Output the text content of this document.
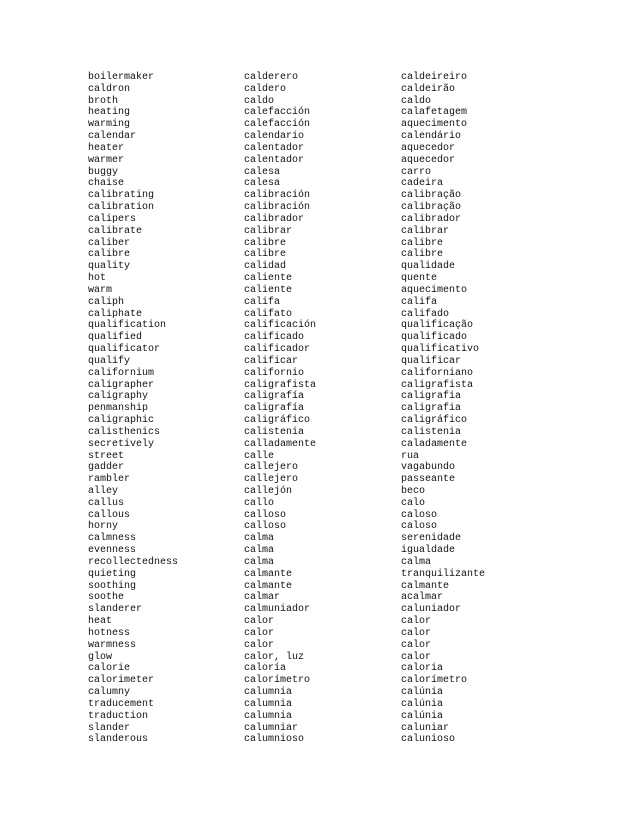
boilermaker	calderero	caldeireiro
caldron	caldero	caldeirão
broth	caldo	caldo
heating	calefacción	calafetagem
warming	calefacción	aquecimento
calendar	calendario	calendário
heater	calentador	aquecedor
warmer	calentador	aquecedor
buggy	calesa	carro
chaise	calesa	cadeira
calibrating	calibración	calibração
calibration	calibración	calibração
calipers	calibrador	calibrador
calibrate	calibrar	calibrar
caliber	calibre	calibre
calibre	calibre	calibre
quality	calidad	qualidade
hot	caliente	quente
warm	caliente	aquecimento
caliph	califa	califa
caliphate	califato	califado
qualification	calificación	qualificação
qualified	calificado	qualificado
qualificator	calificador	qualificativo
qualify	calificar	qualificar
californium	californio	californiano
caligrapher	caligrafista	caligrafista
caligraphy	caligrafía	caligrafia
penmanship	caligrafía	caligrafia
caligraphic	caligráfico	caligráfico
calisthenics	calistenia	calistenia
secretively	calladamente	caladamente
street	calle	rua
gadder	callejero	vagabundo
rambler	callejero	passeante
alley	callejón	beco
callus	callo	calo
callous	calloso	caloso
horny	calloso	caloso
calmness	calma	serenidade
evenness	calma	igualdade
recollectedness	calma	calma
quieting	calmante	tranquilizante
soothing	calmante	calmante
soothe	calmar	acalmar
slanderer	calmuniador	caluniador
heat	calor	calor
hotness	calor	calor
warmness	calor	calor
glow	calor, luz	calor
calorie	caloría	caloria
calorimeter	calorímetro	calorímetro
calumny	calumnia	calúnia
traducement	calumnia	calúnia
traduction	calumnia	calúnia
slander	calumniar	caluniar
slanderous	calumnioso	calunioso
